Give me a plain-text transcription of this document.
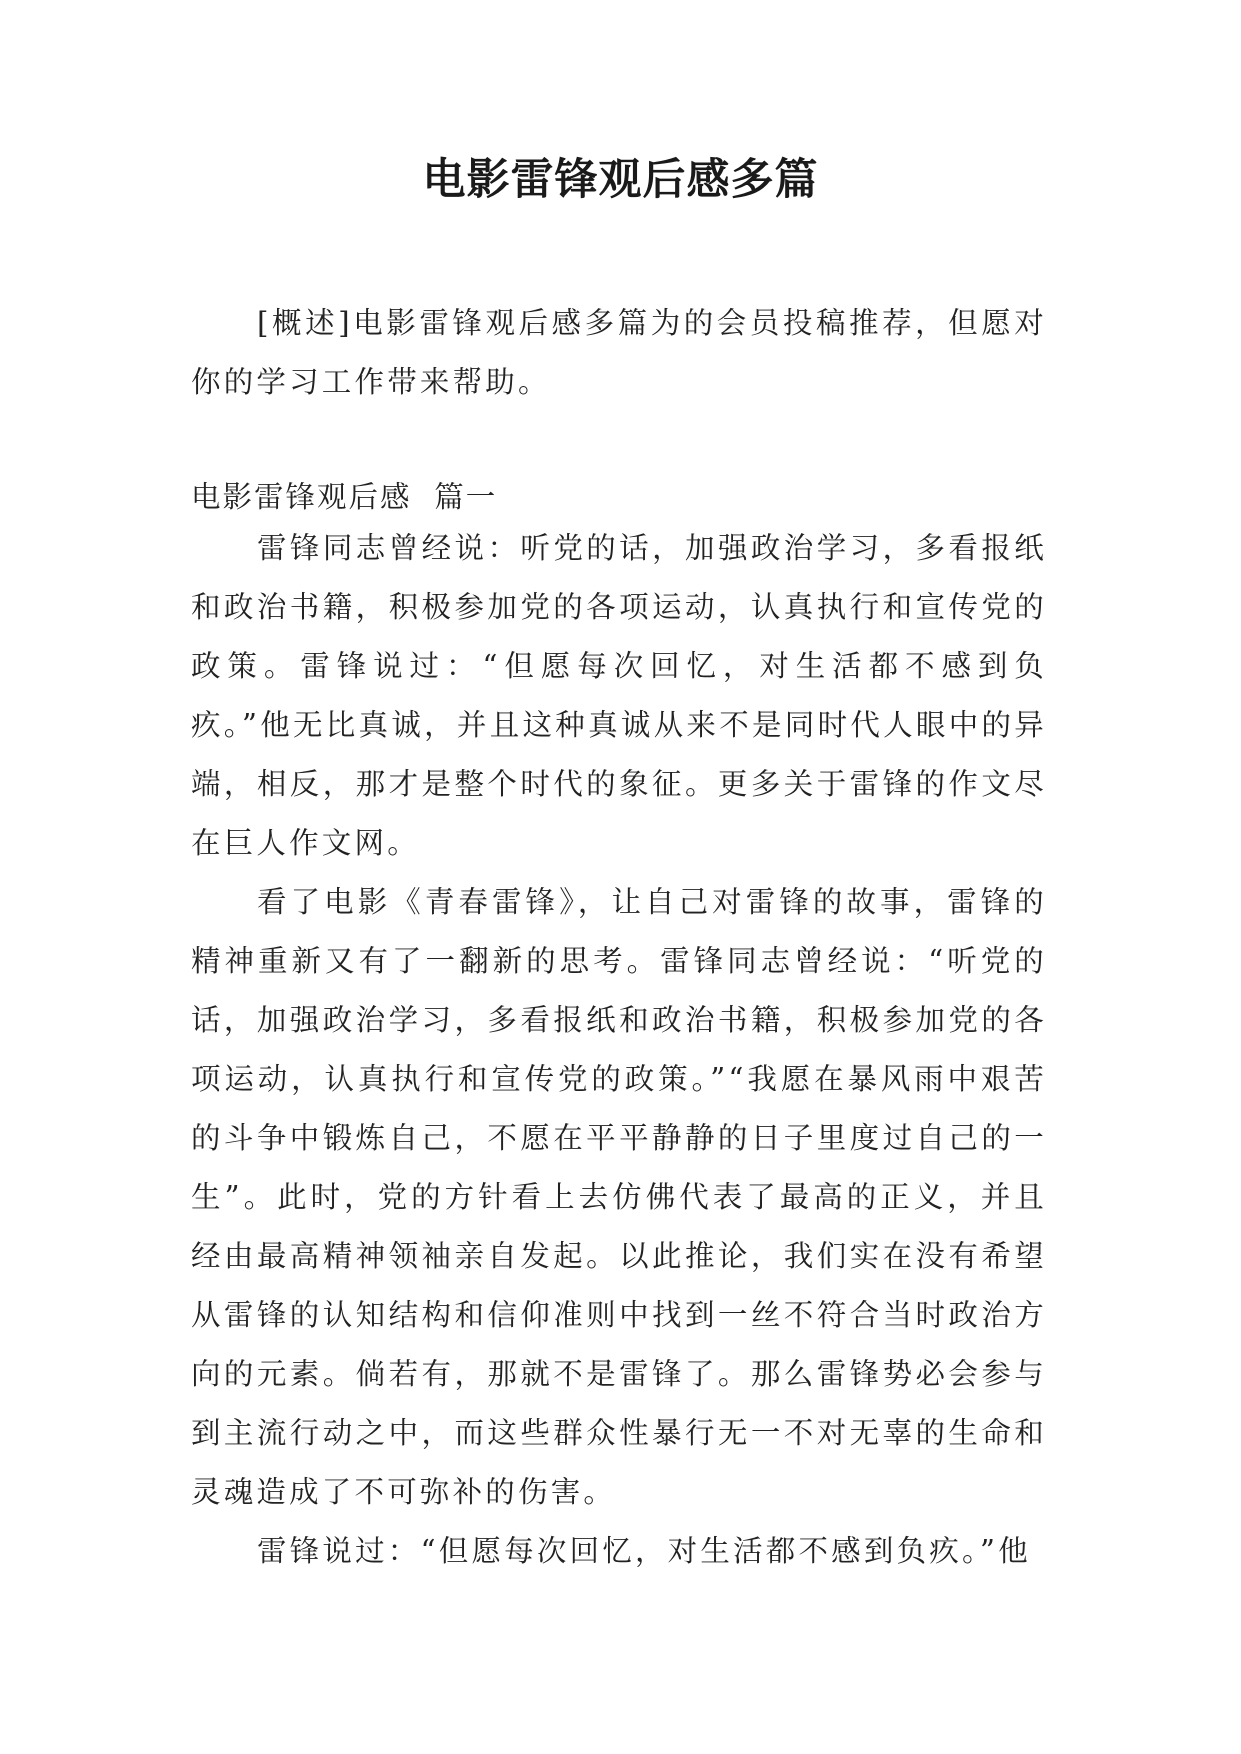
电影雷锋观后感多篇

[概述]电影雷锋观后感多篇为的会员投稿推荐，但愿对你的学习工作带来帮助。

电影雷锋观后感  篇一

雷锋同志曾经说：听党的话，加强政治学习，多看报纸和政治书籍，积极参加党的各项运动，认真执行和宣传党的政策。雷锋说过：“但愿每次回忆，对生活都不感到负疚。”他无比真诚，并且这种真诚从来不是同时代人眼中的异端，相反，那才是整个时代的象征。更多关于雷锋的作文尽在巨人作文网。

看了电影《青春雷锋》，让自己对雷锋的故事，雷锋的精神重新又有了一翻新的思考。雷锋同志曾经说：“听党的话，加强政治学习，多看报纸和政治书籍，积极参加党的各项运动，认真执行和宣传党的政策。”“我愿在暴风雨中艰苦的斗争中锻炼自己，不愿在平平静静的日子里度过自己的一生”。此时，党的方针看上去仿佛代表了最高的正义，并且经由最高精神领袖亲自发起。以此推论，我们实在没有希望从雷锋的认知结构和信仰准则中找到一丝不符合当时政治方向的元素。倘若有，那就不是雷锋了。那么雷锋势必会参与到主流行动之中，而这些群众性暴行无一不对无辜的生命和灵魂造成了不可弥补的伤害。

雷锋说过：“但愿每次回忆，对生活都不感到负疚。”他
